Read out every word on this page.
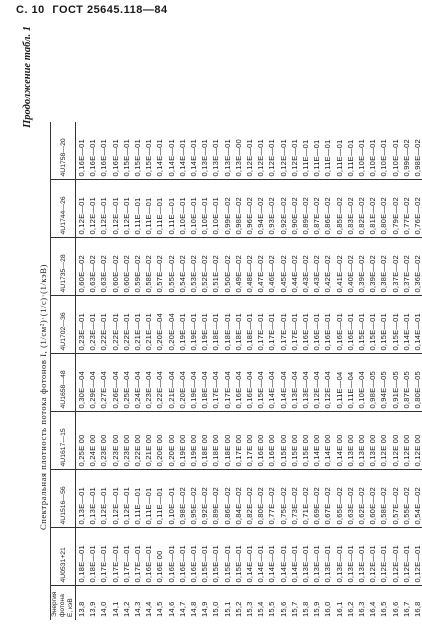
С. 10 ГОСТ 25645.118—84
Продолжение табл. 1
Спектральная плотность потока фотонов I, (1/см²)·(1/с)·(1/кэВ)
Энергия фотона E, кэВ	4U0531+21	4U1516—56	4U1617—15	4U1658—48	4U1702—36	4U1735—28	4U1744—26	4U1758—20
13,8	0,18E—01	0,13E—01	0,25E 00	0,30E—04	0,23E—01	0,60E—02	0,12E—01	0,16E—01
13,9	0,18E—01	0,13E—01	0,24E 00	0,29E—04	0,23E—01	0,63E—02	0,12E—01	0,16E—01
14,0	0,17E—01	0,12E—01	0,23E 00	0,27E—04	0,22E—01	0,63E—02	0,12E—01	0,16E—01
14,1	0,17E—01	0,12E—01	0,23E 00	0,26E—04	0,22E—01	0,60E—02	0,12E—01	0,16E—01
14,2	0,17E—01	0,12E—01	0,23E 00	0,25E—04	0,22E—01	0,60E—02	0,12E—01	0,15E—01
14,3	0,17E—01	0,11E—01	0,22E 00	0,24E—04	0,21E—01	0,59E—02	0,11E—01	0,15E—01
14,4	0,16E—01	0,11E—01	0,21E 00	0,23E—04	0,21E—01	0,58E—02	0,11E—01	0,15E—01
14,5	0,16E 00	0,11E—01	0,20E 00	0,22E—04	0,20E—04	0,57E—02	0,11E—01	0,14E—01
14,6	0,16E—01	0,10E—01	0,20E 00	0,21E—04	0,20E—04	0,55E—02	0,11E—01	0,14E—01
14,7	0,16E—01	0,98E—02	0,19E 00	0,20E—04	0,19E—01	0,54E—02	0,10E—01	0,14E—01
14,8	0,16E—01	0,95E—02	0,19E 00	0,19E—04	0,19E—01	0,53E—02	0,10E—01	0,14E—01
14,9	0,15E—01	0,92E—02	0,18E 00	0,18E—04	0,19E—01	0,52E—02	0,10E—01	0,13E—01
15,0	0,15E—01	0,89E—02	0,18E 00	0,17E—04	0,18E—01	0,51E—02	0,10E—01	0,13E—01
15,1	0,15E—01	0,86E—02	0,18E 00	0,17E—04	0,18E—01	0,50E—02	0,99E—02	0,13E—01
15,2	0,15E—01	0,84E—02	0,17E 00	0,16E—04	0,18E—01	0,49E—02	0,98E—02	0,13E—00
15,3	0,14E—01	0,82E—02	0,17E 00	0,16E—04	0,18E—01	0,48E—02	0,96E—02	0,12E—01
15,4	0,14E—01	0,80E—02	0,16E 00	0,15E—04	0,17E—01	0,47E—02	0,94E—02	0,12E—01
15,5	0,14E—01	0,77E—02	0,16E 00	0,14E—04	0,17E—01	0,46E—02	0,93E—02	0,12E—01
15,6	0,14E—01	0,75E—02	0,15E 00	0,14E—04	0,17E—01	0,45E—02	0,92E—02	0,12E—01
15,7	0,14E—01	0,73E—02	0,15E 00	0,13E—04	0,17E—01	0,44E—02	0,90E—02	0,12E—01
15,8	0,13E—01	0,71E—02	0,15E 00	0,13E—04	0,16E—01	0,43E—02	0,89E—02	0,11E—01
15,9	0,13E—01	0,69E—02	0,14E 00	0,12E—04	0,16E—01	0,43E—02	0,87E—02	0,11E—01
16,0	0,13E—01	0,67E—02	0,14E 00	0,12E—04	0,16E—01	0,42E—02	0,86E—02	0,11E—01
16,1	0,13E—01	0,65E—02	0,14E 00	0,11E—04	0,16E—01	0,41E—02	0,85E—02	0,11E—01
16,2	0,13E—01	0,63E—02	0,13E 00	0,11E—04	0,16E—01	0,40E—02	0,83E—02	0,11E—01
16,3	0,13E—01	0,62E—02	0,13E 00	0,10E—04	0,15E—01	0,39E—02	0,82E—02	0,10E—01
16,4	0,12E—01	0,60E—02	0,13E 00	0,98E—05	0,15E—01	0,39E—02	0,81E—02	0,10E—01
16,5	0,12E—01	0,58E—02	0,12E 00	0,94E—05	0,15E—01	0,38E—02	0,80E—02	0,10E—01
16,6	0,12E—01	0,57E—02	0,12E 00	0,91E—05	0,15E—01	0,37E—02	0,79E—02	0,10E—01
16,7	0,12E—01	0,55E—02	0,12E 00	0,87E—05	0,14E—01	0,37E—02	0,77E—02	0,99E—02
16,8	0,12E—01	0,54E—02	0,12E 00	0,80E—05	0,14E—01	0,36E—02	0,76E—02	0,98E—02
